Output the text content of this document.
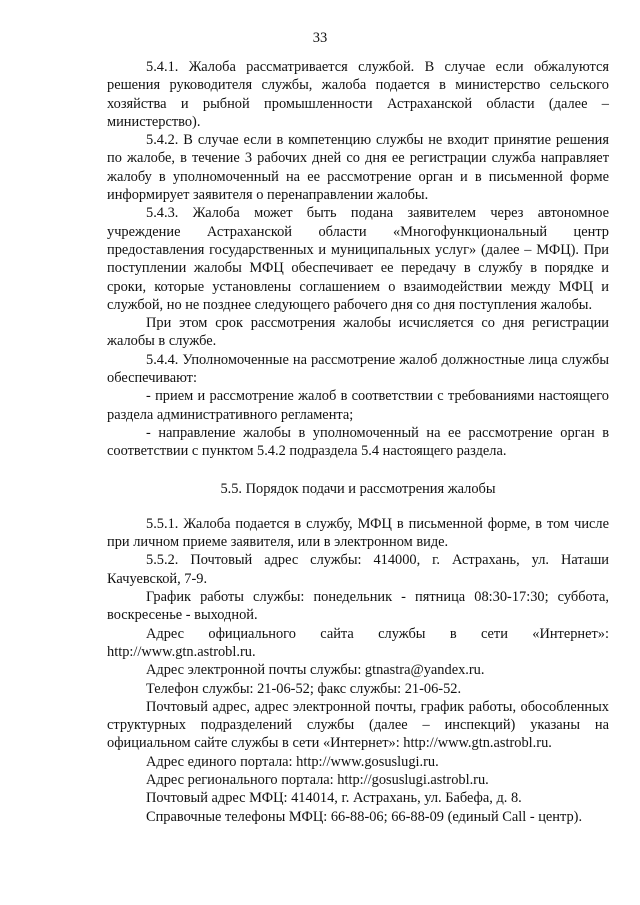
33

5.4.1. Жалоба рассматривается службой. В случае если обжалуются решения руководителя службы, жалоба подается в министерство сельского хозяйства и рыбной промышленности Астраханской области (далее – министерство).

5.4.2. В случае если в компетенцию службы не входит принятие решения по жалобе, в течение 3 рабочих дней со дня ее регистрации служба направляет жалобу в уполномоченный на ее рассмотрение орган и в письменной форме информирует заявителя о перенаправлении жалобы.

5.4.3. Жалоба может быть подана заявителем через автономное учреждение Астраханской области «Многофункциональный центр предоставления государственных и муниципальных услуг» (далее – МФЦ). При поступлении жалобы МФЦ обеспечивает ее передачу в службу в порядке и сроки, которые установлены соглашением о взаимодействии между МФЦ и службой, но не позднее следующего рабочего дня со дня поступления жалобы.

При этом срок рассмотрения жалобы исчисляется со дня регистрации жалобы в службе.

5.4.4. Уполномоченные на рассмотрение жалоб должностные лица службы обеспечивают:

- прием и рассмотрение жалоб в соответствии с требованиями настоящего раздела административного регламента;

- направление жалобы в уполномоченный на ее рассмотрение орган в соответствии с пунктом 5.4.2 подраздела 5.4 настоящего раздела.

5.5. Порядок подачи и рассмотрения жалобы

5.5.1. Жалоба подается в службу, МФЦ в письменной форме, в том числе при личном приеме заявителя, или в электронном виде.

5.5.2. Почтовый адрес службы: 414000, г. Астрахань, ул. Наташи Качуевской, 7-9.

График работы службы: понедельник - пятница 08:30-17:30; суббота, воскресенье - выходной.

Адрес официального сайта службы в сети «Интернет»: http://www.gtn.astrobl.ru.

Адрес электронной почты службы: gtnastra@yandex.ru.

Телефон службы: 21-06-52; факс службы: 21-06-52.

Почтовый адрес, адрес электронной почты, график работы, обособленных структурных подразделений службы (далее – инспекций) указаны на официальном сайте службы в сети «Интернет»: http://www.gtn.astrobl.ru.

Адрес единого портала: http://www.gosuslugi.ru.

Адрес регионального портала: http://gosuslugi.astrobl.ru.

Почтовый адрес МФЦ: 414014, г. Астрахань, ул. Бабефа, д. 8.

Справочные телефоны МФЦ: 66-88-06; 66-88-09 (единый Call - центр).
